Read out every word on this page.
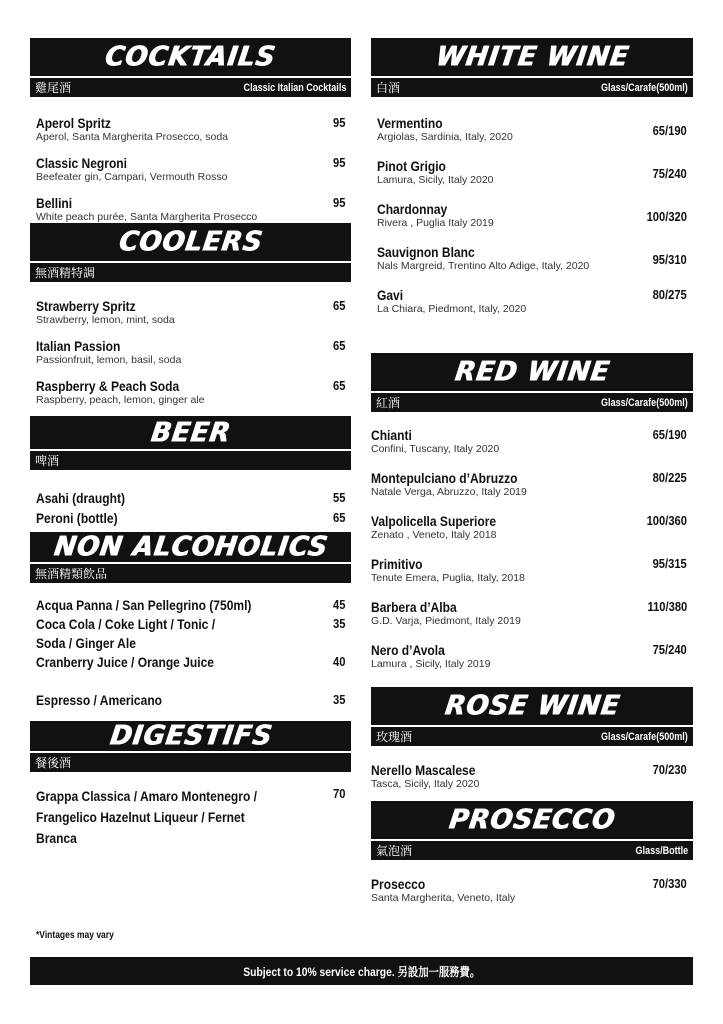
COCKTAILS
雞尾酒	Classic Italian Cocktails
Aperol Spritz
Aperol, Santa Margherita Prosecco, soda
95
Classic Negroni
Beefeater gin, Campari, Vermouth Rosso
95
Bellini
White peach purée, Santa Margherita Prosecco
95
COOLERS
無酒精特調
Strawberry Spritz
Strawberry, lemon, mint, soda
65
Italian Passion
Passionfruit, lemon, basil, soda
65
Raspberry & Peach Soda
Raspberry, peach, lemon, ginger ale
65
BEER
啤酒
Asahi (draught)	55
Peroni (bottle)	65
NON ALCOHOLICS
無酒精類飲品
Acqua Panna / San Pellegrino (750ml)	45
Coca Cola / Coke Light / Tonic /
Soda / Ginger Ale
35
Cranberry Juice / Orange Juice	40
Espresso / Americano	35
DIGESTIFS
餐後酒
Grappa Classica / Amaro Montenegro / Frangelico Hazelnut Liqueur / Fernet Branca
70
WHITE WINE
白酒	Glass/Carafe(500ml)
Vermentino
Argiolas, Sardinia, Italy, 2020	65/190
Pinot Grigio
Lamura, Sicily, Italy 2020	75/240
Chardonnay
Rivera , Puglia Italy 2019	100/320
Sauvignon Blanc
Nals Margreid, Trentino Alto Adige, Italy, 2020	95/310
Gavi
La Chiara, Piedmont, Italy, 2020
80/275
RED WINE
紅酒	Glass/Carafe(500ml)
Chianti
Confini, Tuscany, Italy 2020
65/190
Montepulciano d’Abruzzo
Natale Verga, Abruzzo, Italy 2019
80/225
Valpolicella Superiore
Zenato , Veneto, Italy 2018
100/360
Primitivo
Tenute Emera, Puglia, Italy, 2018
95/315
Barbera d’Alba
G.D. Varja, Piedmont, Italy 2019
110/380
Nero d’Avola
Lamura , Sicily, Italy 2019
75/240
ROSE WINE
玫瑰酒	Glass/Carafe(500ml)
Nerello Mascalese
Tasca, Sicily, Italy 2020
70/230
PROSECCO
氣泡酒	Glass/Bottle
Prosecco
Santa Margherita, Veneto, Italy
70/330
*Vintages may vary
Subject to 10% service charge. 另設加一服務費。
